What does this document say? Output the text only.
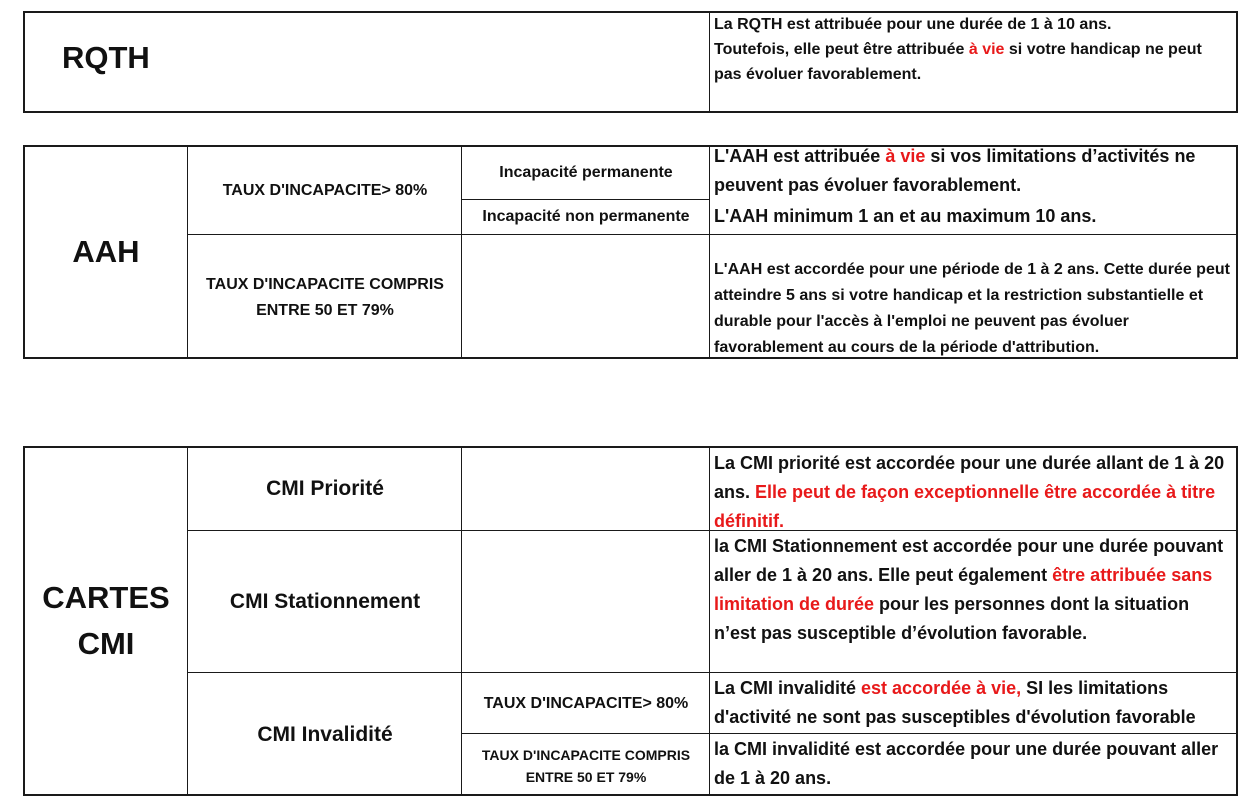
RQTH
La RQTH est attribuée pour une durée de 1 à 10 ans.
Toutefois, elle peut être attribuée à vie si votre handicap ne peut pas évoluer favorablement.
AAH
TAUX D'INCAPACITE> 80%
Incapacité permanente
Incapacité non permanente
L'AAH est attribuée à vie si vos limitations d’activités ne peuvent pas évoluer favorablement.
L'AAH minimum 1 an et au maximum 10 ans.
TAUX D'INCAPACITE COMPRIS ENTRE 50 ET 79%
L'AAH est accordée pour une période de 1 à 2 ans. Cette durée peut atteindre 5 ans si votre handicap et la restriction substantielle et durable pour l'accès à l'emploi ne peuvent pas évoluer favorablement au cours de la période d'attribution.
CARTES
CMI
CMI Priorité
La CMI priorité est accordée pour une durée allant de 1 à 20 ans. Elle peut de façon exceptionnelle être accordée à titre définitif.
CMI Stationnement
la CMI Stationnement est accordée pour une durée pouvant aller de 1 à 20 ans. Elle peut également être attribuée sans limitation de durée pour les personnes dont la situation n’est pas susceptible d’évolution favorable.
CMI Invalidité
TAUX D'INCAPACITE> 80%
TAUX D'INCAPACITE COMPRIS ENTRE 50 ET 79%
La CMI invalidité est accordée à vie, SI les limitations d'activité ne sont pas susceptibles d'évolution favorable
la CMI invalidité est accordée pour une durée pouvant aller de 1 à 20 ans.
